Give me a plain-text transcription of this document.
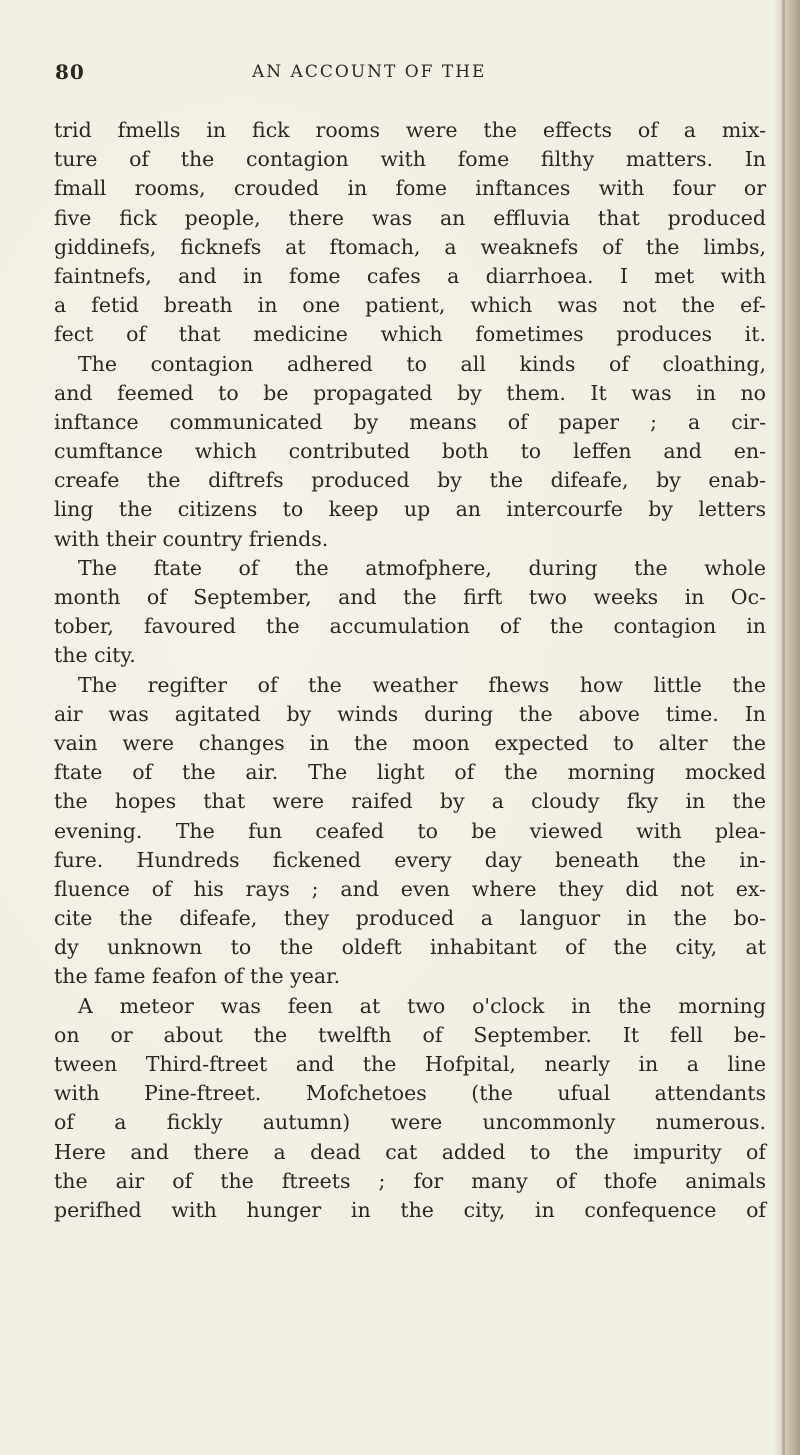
80	AN ACCOUNT OF THE
trid fmells in fick rooms were the effects of a mix-
ture of the contagion with fome filthy matters. In
fmall rooms, crouded in fome inftances with four or
five fick people, there was an effluvia that produced
giddinefs, ficknefs at ftomach, a weaknefs of the limbs,
faintnefs, and in fome cafes a diarrhoea. I met with
a fetid breath in one patient, which was not the ef-
fect of that medicine which fometimes produces it.
The contagion adhered to all kinds of cloathing,
and feemed to be propagated by them. It was in no
inftance communicated by means of paper ; a cir-
cumftance which contributed both to leffen and en-
creafe the diftrefs produced by the difeafe, by enab-
ling the citizens to keep up an intercourfe by letters
with their country friends.
The ftate of the atmofphere, during the whole
month of September, and the firft two weeks in Oc-
tober, favoured the accumulation of the contagion in
the city.
The regifter of the weather fhews how little the
air was agitated by winds during the above time. In
vain were changes in the moon expected to alter the
ftate of the air. The light of the morning mocked
the hopes that were raifed by a cloudy fky in the
evening. The fun ceafed to be viewed with plea-
fure. Hundreds fickened every day beneath the in-
fluence of his rays ; and even where they did not ex-
cite the difeafe, they produced a languor in the bo-
dy unknown to the oldeft inhabitant of the city, at
the fame feafon of the year.
A meteor was feen at two o'clock in the morning
on or about the twelfth of September. It fell be-
tween Third-ftreet and the Hofpital, nearly in a line
with Pine-ftreet. Mofchetoes (the ufual attendants
of a fickly autumn) were uncommonly numerous.
Here and there a dead cat added to the impurity of
the air of the ftreets ; for many of thofe animals
perifhed with hunger in the city, in confequence of
